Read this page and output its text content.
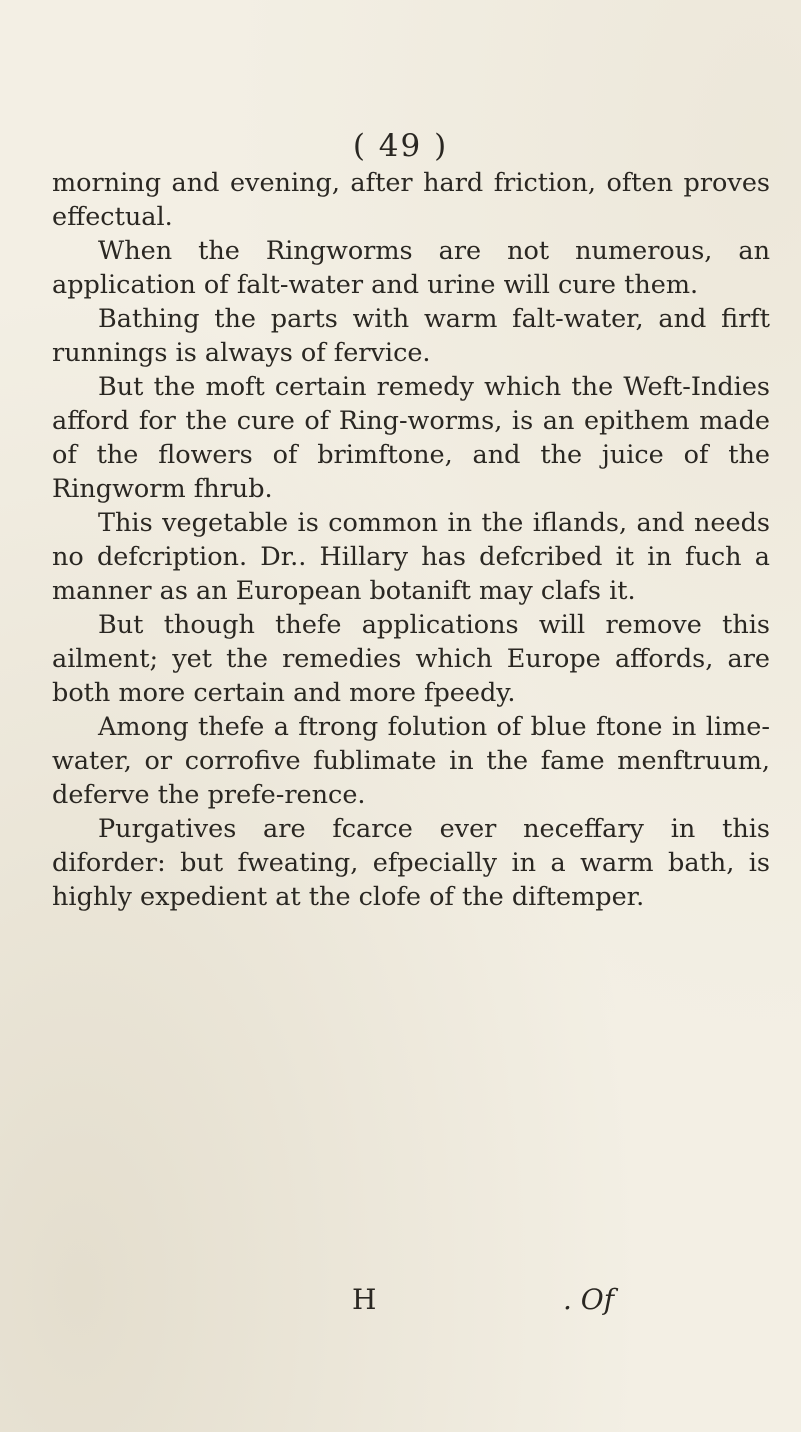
( 49 )

morning and evening, after hard friction, often proves effectual.

When the Ringworms are not numerous, an application of falt-water and urine will cure them.

Bathing the parts with warm falt-water, and firft runnings is always of fervice.

But the moft certain remedy which the Weft-Indies afford for the cure of Ring-worms, is an epithem made of the flowers of brimftone, and the juice of the Ringworm fhrub.

This vegetable is common in the iflands, and needs no defcription. Dr.. Hillary has defcribed it in fuch a manner as an European botanift may clafs it.

But though thefe applications will remove this ailment; yet the remedies which Europe affords, are both more certain and more fpeedy.

Among thefe a ftrong folution of blue ftone in lime-water, or corrofive fublimate in the fame menftruum, deferve the prefe-rence.

Purgatives are fcarce ever neceffary in this diforder: but fweating, efpecially in a warm bath, is highly expedient at the clofe of the diftemper.

H	. Of
